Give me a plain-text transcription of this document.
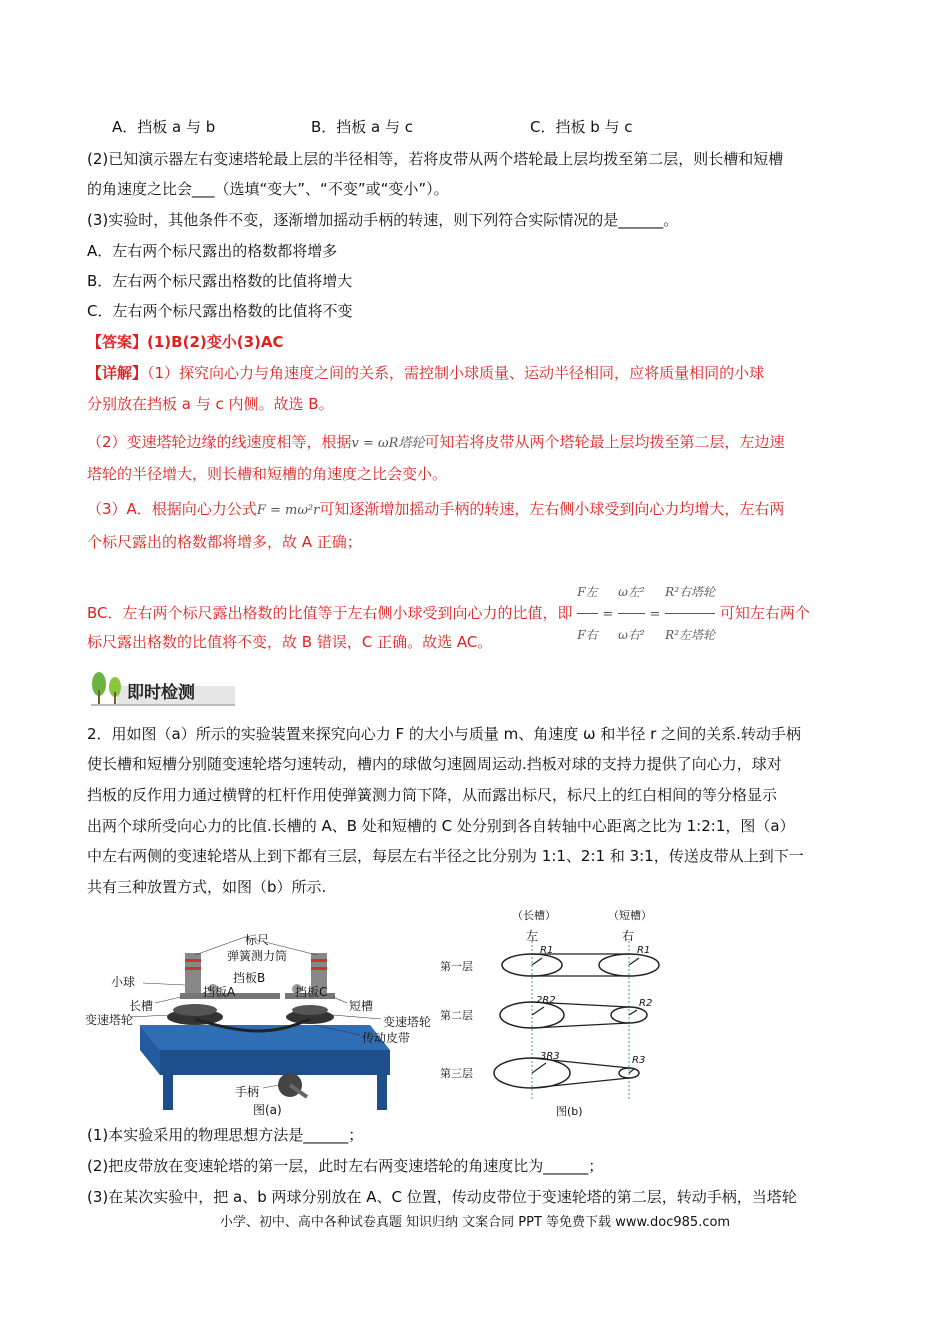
A．挡板 a 与 b	B．挡板 a 与 c	C．挡板 b 与 c
(2)已知演示器左右变速塔轮最上层的半径相等，若将皮带从两个塔轮最上层均拨至第二层，则长槽和短槽
的角速度之比会___（选填“变大”、“不变”或“变小”）。
(3)实验时，其他条件不变，逐渐增加摇动手柄的转速，则下列符合实际情况的是______。
A．左右两个标尺露出的格数都将增多
B．左右两个标尺露出格数的比值将增大
C．左右两个标尺露出格数的比值将不变
【答案】(1)B(2)变小(3)AC
【详解】（1）探究向心力与角速度之间的关系，需控制小球质量、运动半径相同，应将质量相同的小球
分别放在挡板 a 与 c 内侧。故选 B。
（2）变速塔轮边缘的线速度相等，根据v = ωR塔轮可知若将皮带从两个塔轮最上层均拨至第二层，左边速
塔轮的半径增大，则长槽和短槽的角速度之比会变小。
（3）A．根据向心力公式F = mω²r可知逐渐增加摇动手柄的转速，左右侧小球受到向心力均增大，左右两
个标尺露出的格数都将增多，故 A 正确；
BC．左右两个标尺露出格数的比值等于左右侧小球受到向心力的比值，即 $\frac{\text{F左}}{\text{F右}} = \frac{\text{ω左²}}{\text{ω右²}} = \frac{\text{R²右塔轮}}{\text{R²左塔轮}}$ 可知左右两个
标尺露出格数的比值将不变，故 B 错误，C 正确。故选 AC。
即时检测
2．用如图（a）所示的实验装置来探究向心力 F 的大小与质量 m、角速度 ω 和半径 r 之间的关系.转动手柄
使长槽和短槽分别随变速轮塔匀速转动，槽内的球做匀速圆周运动.挡板对球的支持力提供了向心力，球对
挡板的反作用力通过横臂的杠杆作用使弹簧测力筒下降，从而露出标尺，标尺上的红白相间的等分格显示
出两个球所受向心力的比值.长槽的 A、B 处和短槽的 C 处分别到各自转轴中心距离之比为 1:2:1，图（a）
中左右两侧的变速轮塔从上到下都有三层，每层左右半径之比分别为 1:1、2:1 和 3:1，传送皮带从上到下一
共有三种放置方式，如图（b）所示.
标尺
弹簧测力筒
小球	挡板B
挡板A	挡板C
长槽	短槽
变速塔轮	变速塔轮
传动皮带
手柄
图(a)
（长槽）	（短槽）
左	右
第一层
第二层
第三层
R1	R1
2R2	R2
3R3	R3
图(b)
(1)本实验采用的物理思想方法是______；
(2)把皮带放在变速轮塔的第一层，此时左右两变速塔轮的角速度比为______；
(3)在某次实验中，把 a、b 两球分别放在 A、C 位置，传动皮带位于变速轮塔的第二层，转动手柄，当塔轮
小学、初中、高中各种试卷真题 知识归纳 文案合同 PPT 等免费下载 www.doc985.com
